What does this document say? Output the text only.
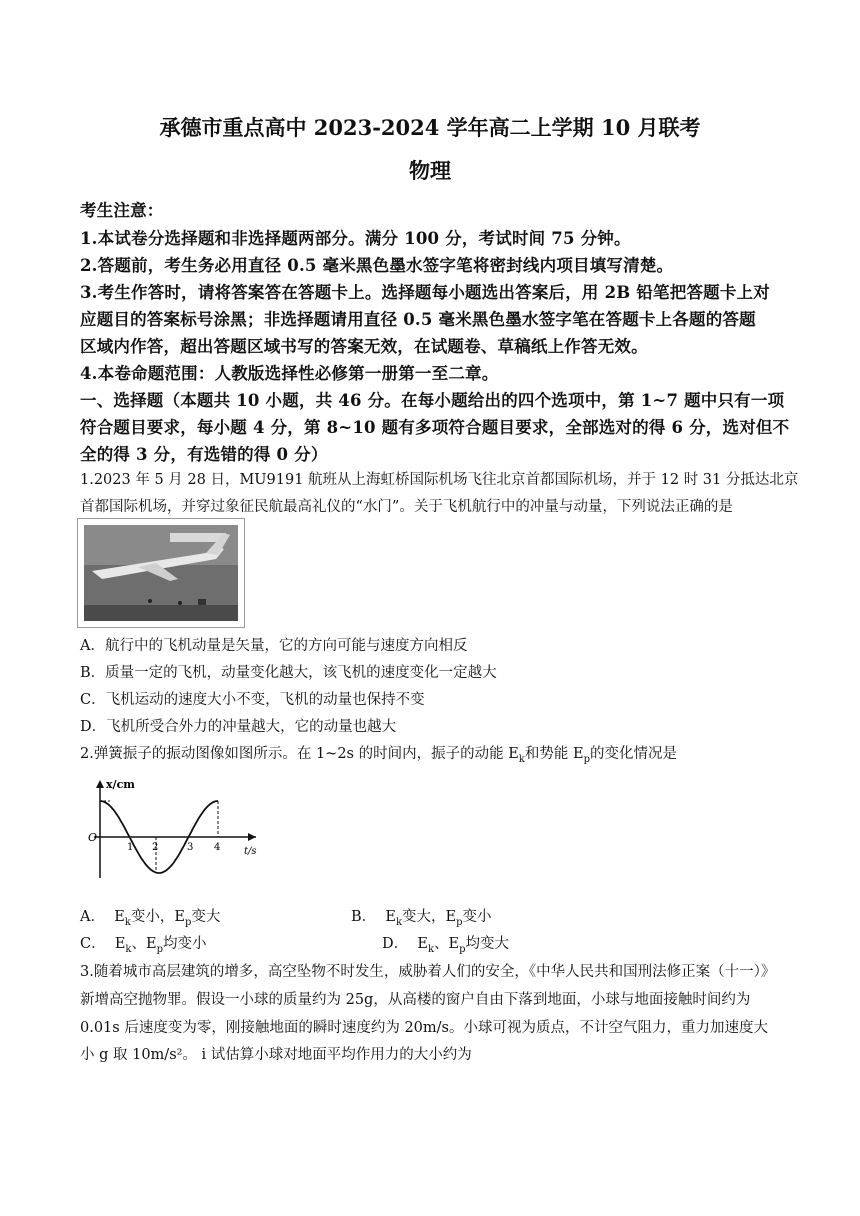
承德市重点高中 2023-2024 学年高二上学期 10 月联考
物理
考生注意：
1.本试卷分选择题和非选择题两部分。满分 100 分，考试时间 75 分钟。
2.答题前，考生务必用直径 0.5 毫米黑色墨水签字笔将密封线内项目填写清楚。
3.考生作答时，请将答案答在答题卡上。选择题每小题选出答案后，用 2B 铅笔把答题卡上对
应题目的答案标号涂黑；非选择题请用直径 0.5 毫米黑色墨水签字笔在答题卡上各题的答题
区域内作答，超出答题区域书写的答案无效，在试题卷、草稿纸上作答无效。
4.本卷命题范围：人教版选择性必修第一册第一至二章。
一、选择题（本题共 10 小题，共 46 分。在每小题给出的四个选项中，第 1~7 题中只有一项
符合题目要求，每小题 4 分，第 8~10 题有多项符合题目要求，全部选对的得 6 分，选对但不
全的得 3 分，有选错的得 0 分）
1.2023 年 5 月 28 日，MU9191 航班从上海虹桥国际机场飞往北京首都国际机场，并于 12 时 31 分抵达北京
首都国际机场，并穿过象征民航最高礼仪的“水门”。关于飞机航行中的冲量与动量，下列说法正确的是
A．航行中的飞机动量是矢量，它的方向可能与速度方向相反
B．质量一定的飞机，动量变化越大，该飞机的速度变化一定越大
C．飞机运动的速度大小不变，飞机的动量也保持不变
D．飞机所受合外力的冲量越大，它的动量也越大
2.弹簧振子的振动图像如图所示。在 1~2s 的时间内，振子的动能 $E_k$和势能 $E_p$的变化情况是
x/cm
t/s
O
1 2	3 4
A． $E_k$变小，$E_p$变大	B． $E_k$变大，$E_p$变小
C． $E_k$、$E_p$均变小	D． $E_k$、$E_p$均变大
3.随着城市高层建筑的增多，高空坠物不时发生，威胁着人们的安全，《中华人民共和国刑法修正案（十一）》
新增高空抛物罪。假设一小球的质量约为 25g，从高楼的窗户自由下落到地面，小球与地面接触时间约为
0.01s 后速度变为零，刚接触地面的瞬时速度约为 20m/s。小球可视为质点，不计空气阻力，重力加速度大
小 g 取 10m/s²。 i 试估算小球对地面平均作用力的大小约为
